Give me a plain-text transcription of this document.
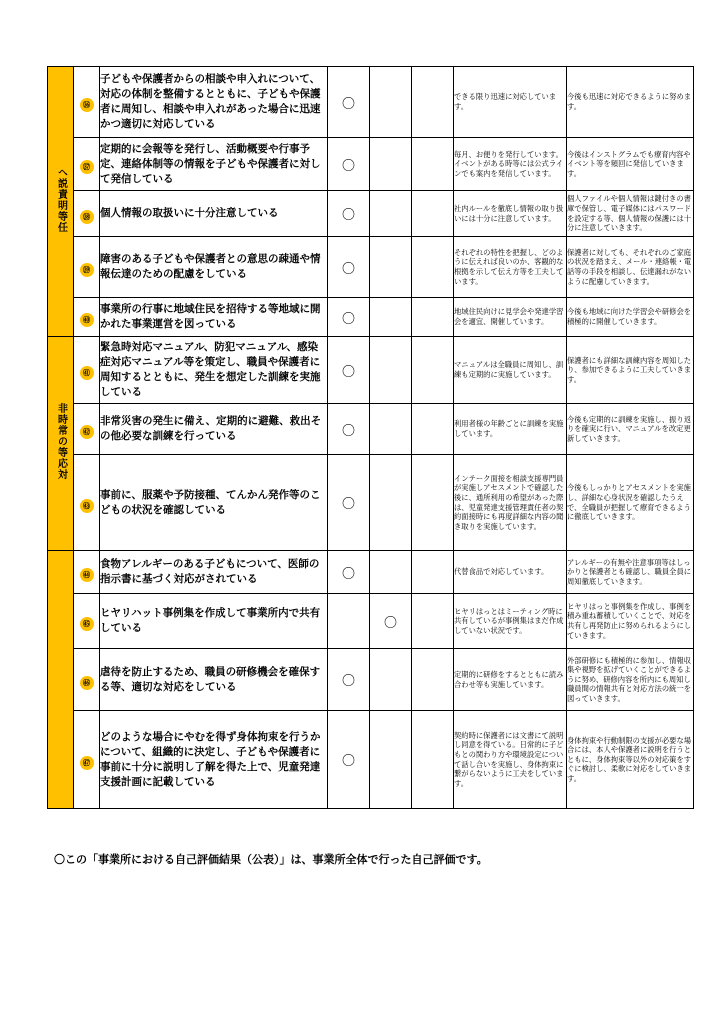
へ説責明等任	㊱	子どもや保護者からの相談や申入れについて、対応の体制を整備するとともに、子どもや保護者に周知し、相談や申入れがあった場合に迅速かつ適切に対応している	〇			できる限り迅速に対応しています。	今後も迅速に対応できるように努めます。
	㊲	定期的に会報等を発行し、活動概要や行事予定、連絡体制等の情報を子どもや保護者に対して発信している	〇			毎月、お便りを発行しています。イベントがある時等には公式ラインでも案内を発信しています。	今後はインストグラムでも療育内容やイベント等を頻回に発信していきます。
	㊳	個人情報の取扱いに十分注意している	〇			社内ルールを徹底し情報の取り扱いには十分に注意しています。	個人ファイルや個人情報は鍵付きの書庫で保管し、電子媒体にはパスワードを設定する等、個人情報の保護には十分に注意していきます。
	㊴	障害のある子どもや保護者との意思の疎通や情報伝達のための配慮をしている	〇			それぞれの特性を把握し、どのように伝えれば良いのか、客観的な根拠を示して伝え方等を工夫しています。	保護者に対しても、それぞれのご家庭の状況を踏まえ、メール・連絡帳・電話等の手段を相談し、伝達漏れがないように配慮していきます。
	㊵	事業所の行事に地域住民を招待する等地域に開かれた事業運営を図っている	〇			地域住民向けに見学会や発達学習会を適宜、開催しています。	今後も地域に向けた学習会や研修会を積極的に開催していきます。
非時常の等応対	㊶	緊急時対応マニュアル、防犯マニュアル、感染症対応マニュアル等を策定し、職員や保護者に周知するとともに、発生を想定した訓練を実施している	〇			マニュアルは全職員に周知し、訓練も定期的に実施しています。	保護者にも詳細な訓練内容を周知したり、参加できるように工夫していきます。
	㊷	非常災害の発生に備え、定期的に避難、救出その他必要な訓練を行っている	〇			利用者様の年齢ごとに訓練を実施しています。	今後も定期的に訓練を実施し、振り返りを確実に行い、マニュアルを改定更新していきます。
	㊸	事前に、服薬や予防接種、てんかん発作等のこどもの状況を確認している	〇			インテーク面接を相談支援専門員が実施しアセスメントで確認した後に、通所利用の希望があった際は、児童発達支援管理責任者の契約面接時にも再度詳細な内容の聞き取りを実施しています。	今後もしっかりとアセスメントを実施し、詳細な心身状況を確認したうえで、全職員が把握して療育できるように徹底していきます。
	㊹	食物アレルギーのある子どもについて、医師の指示書に基づく対応がされている	〇			代替食品で対応しています。	アレルギーの有無や注意事項等はしっかりと保護者とも確認し、職員全員に周知徹底していきます。
	㊺	ヒヤリハット事例集を作成して事業所内で共有している		〇		ヒヤリはっとはミーティング時に共有しているが事例集はまだ作成していない状況です。	ヒヤリはっと事例集を作成し、事例を積み重ね蓄積していくことで、対応を共有し再発防止に努められるようにしていきます。
	㊻	虐待を防止するため、職員の研修機会を確保する等、適切な対応をしている	〇			定期的に研修をするとともに読み合わせ等も実施しています。	外部研修にも積極的に参加し、情報収集や視野を拡げていくことができるように努め、研修内容を所内にも周知し職員間の情報共有と対応方法の統一を図っていきます。
	㊼	どのような場合にやむを得ず身体拘束を行うかについて、組織的に決定し、子どもや保護者に事前に十分に説明し了解を得た上で、児童発達支援計画に記載している	〇			契約時に保護者には文書にて説明し同意を得ている。日常的に子どもとの関わり方や環境設定について話し合いを実施し、身体拘束に繋がらないように工夫をしています。	身体拘束や行動制限の支援が必要な場合には、本人や保護者に説明を行うとともに、身体拘束等以外の対応策をすぐに検討し、柔軟に対応をしていきます。
〇この「事業所における自己評価結果（公表）」は、事業所全体で行った自己評価です。
